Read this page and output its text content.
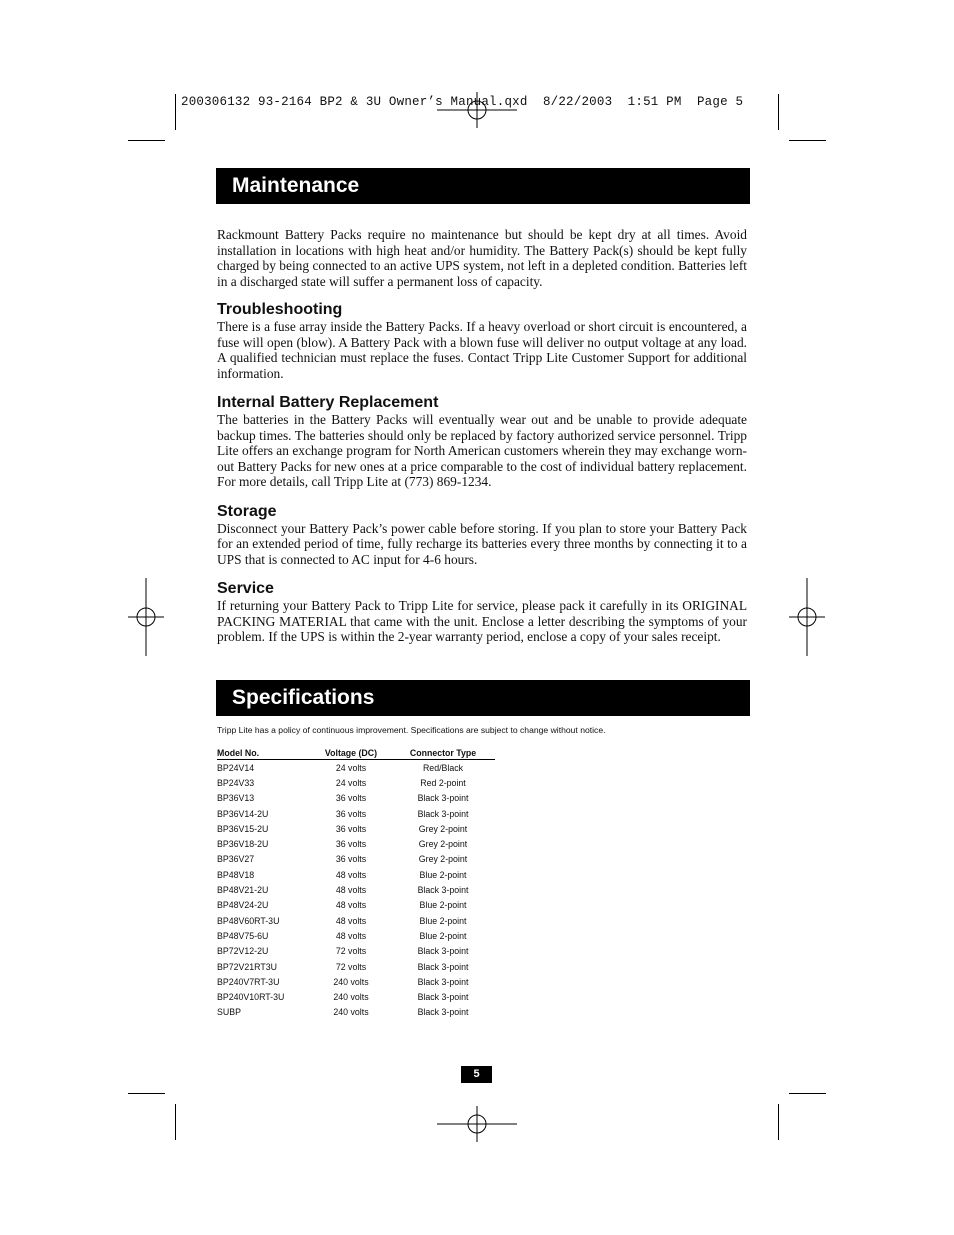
200306132 93-2164 BP2 & 3U Owner’s Manual.qxd  8/22/2003  1:51 PM  Page 5
Maintenance

Rackmount Battery Packs require no maintenance but should be kept dry at all times. Avoid installation in locations with high heat and/or humidity. The Battery Pack(s) should be kept fully charged by being connected to an active UPS system, not left in a depleted condition. Batteries left in a discharged state will suffer a permanent loss of capacity.

Troubleshooting

There is a fuse array inside the Battery Packs. If a heavy overload or short circuit is encountered, a fuse will open (blow). A Battery Pack with a blown fuse will deliver no output voltage at any load. A qualified technician must replace the fuses. Contact Tripp Lite Customer Support for additional information.

Internal Battery Replacement

The batteries in the Battery Packs will eventually wear out and be unable to provide adequate backup times. The batteries should only be replaced by factory authorized service personnel. Tripp Lite offers an exchange program for North American customers wherein they may exchange worn-out Battery Packs for new ones at a price comparable to the cost of individual battery replacement. For more details, call Tripp Lite at (773) 869-1234.

Storage

Disconnect your Battery Pack’s power cable before storing. If you plan to store your Battery Pack for an extended period of time, fully recharge its batteries every three months by connecting it to a UPS that is connected to AC input for 4-6 hours.

Service

If returning your Battery Pack to Tripp Lite for service, please pack it carefully in its ORIGINAL PACKING MATERIAL that came with the unit. Enclose a letter describing the symptoms of your problem. If the UPS is within the 2-year warranty period, enclose a copy of your sales receipt.

Specifications
Tripp Lite has a policy of continuous improvement. Specifications are subject to change without notice.
Model No.	Voltage (DC)	Connector Type
BP24V14	24 volts	Red/Black
BP24V33	24 volts	Red 2-point
BP36V13	36 volts	Black 3-point
BP36V14-2U	36 volts	Black 3-point
BP36V15-2U	36 volts	Grey 2-point
BP36V18-2U	36 volts	Grey 2-point
BP36V27	36 volts	Grey 2-point
BP48V18	48 volts	Blue 2-point
BP48V21-2U	48 volts	Black 3-point
BP48V24-2U	48 volts	Blue 2-point
BP48V60RT-3U	48 volts	Blue 2-point
BP48V75-6U	48 volts	Blue 2-point
BP72V12-2U	72 volts	Black 3-point
BP72V21RT3U	72 volts	Black 3-point
BP240V7RT-3U	240 volts	Black 3-point
BP240V10RT-3U	240 volts	Black 3-point
SUBP	240 volts	Black 3-point
5
